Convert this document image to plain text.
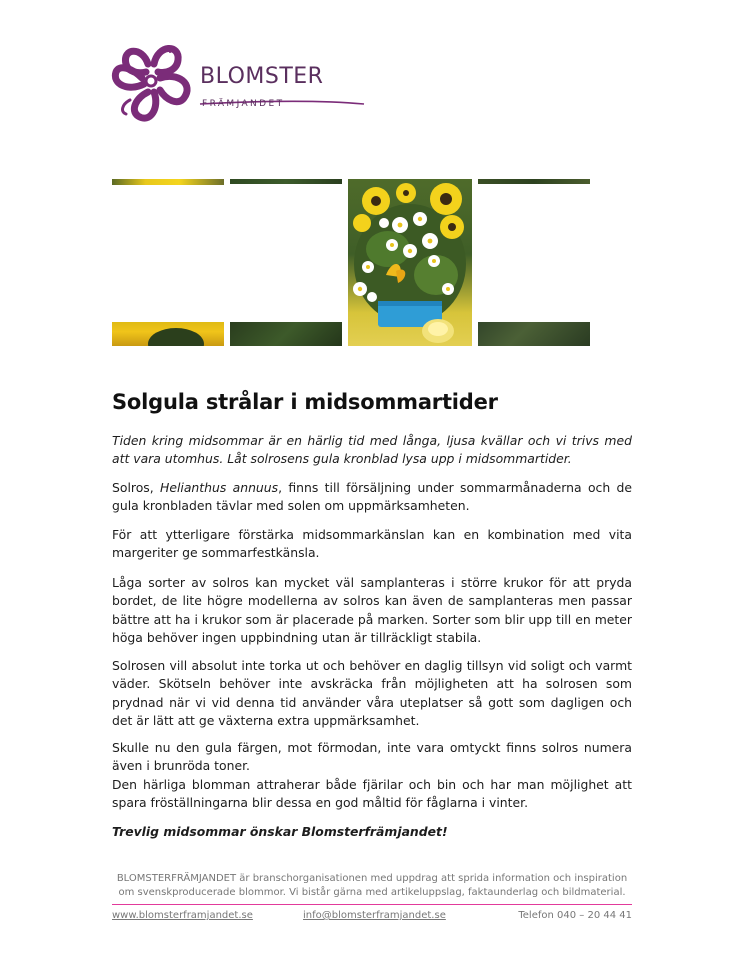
BLOMSTER
FRÄMJANDET
Solgula strålar i midsommartider

Tiden kring midsommar är en härlig tid med långa, ljusa kvällar och vi trivs med att vara utomhus. Låt solrosens gula kronblad lysa upp i midsommartider.

Solros, Helianthus annuus, finns till försäljning under sommarmånaderna och de gula kronbladen tävlar med solen om uppmärksamheten.

För att ytterligare förstärka midsommarkänslan kan en kombination med vita margeriter ge sommarfestkänsla.

Låga sorter av solros kan mycket väl samplanteras i större krukor för att pryda bordet, de lite högre modellerna av solros kan även de samplanteras men passar bättre att ha i krukor som är placerade på marken. Sorter som blir upp till en meter höga behöver ingen uppbindning utan är tillräckligt stabila.

Solrosen vill absolut inte torka ut och behöver en daglig tillsyn vid soligt och varmt väder. Skötseln behöver inte avskräcka från möjligheten att ha solrosen som prydnad när vi vid denna tid använder våra uteplatser så gott som dagligen och det är lätt att ge växterna extra uppmärksamhet.

Skulle nu den gula färgen, mot förmodan, inte vara omtyckt finns solros numera även i brunröda toner.

Den härliga blomman attraherar både fjärilar och bin och har man möjlighet att spara fröställningarna blir dessa en god måltid för fåglarna i vinter.

Trevlig midsommar önskar Blomsterfrämjandet!

BLOMSTERFRÄMJANDET är branschorganisationen med uppdrag att sprida information och inspiration om svenskproducerade blommor. Vi bistår gärna med artikeluppslag, faktaunderlag och bildmaterial.
www.blomsterframjandet.se	info@blomsterframjandet.se	Telefon 040 – 20 44 41
